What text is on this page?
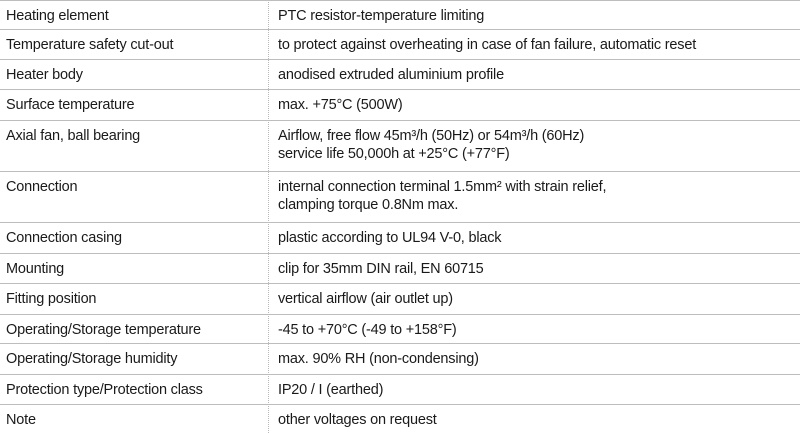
Heating element	PTC resistor-temperature limiting
Temperature safety cut-out	to protect against overheating in case of fan failure, automatic reset
Heater body	anodised extruded aluminium profile
Surface temperature	max. +75°C (500W)
Axial fan, ball bearing	Airflow, free flow 45m³/h (50Hz) or 54m³/h (60Hz)
service life 50,000h at +25°C (+77°F)
Connection	internal connection terminal 1.5mm² with strain relief,
clamping torque 0.8Nm max.
Connection casing	plastic according to UL94 V-0, black
Mounting	clip for 35mm DIN rail, EN 60715
Fitting position	vertical airflow (air outlet up)
Operating/Storage temperature	-45 to +70°C (-49 to +158°F)
Operating/Storage humidity	max. 90% RH (non-condensing)
Protection type/Protection class	IP20 / I (earthed)
Note	other voltages on request
